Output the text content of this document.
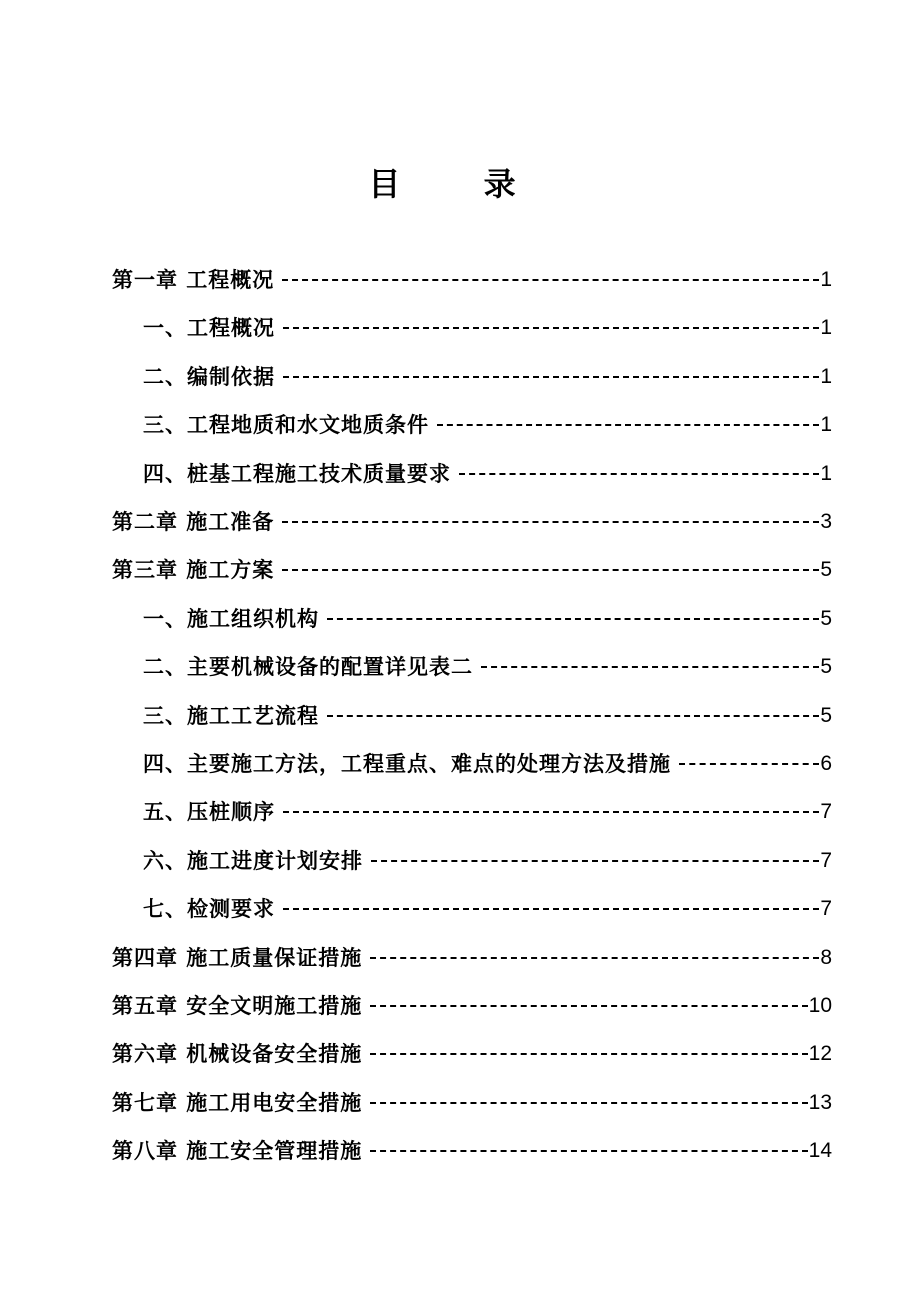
目 录
第一章 工程概况	1
一、工程概况	1
二、编制依据	1
三、工程地质和水文地质条件	1
四、桩基工程施工技术质量要求	1
第二章 施工准备	3
第三章 施工方案	5
一、施工组织机构	5
二、主要机械设备的配置详见表二	5
三、施工工艺流程	5
四、主要施工方法，工程重点、难点的处理方法及措施	6
五、压桩顺序	7
六、施工进度计划安排	7
七、检测要求	7
第四章 施工质量保证措施	8
第五章 安全文明施工措施	10
第六章 机械设备安全措施	12
第七章 施工用电安全措施	13
第八章 施工安全管理措施	14
